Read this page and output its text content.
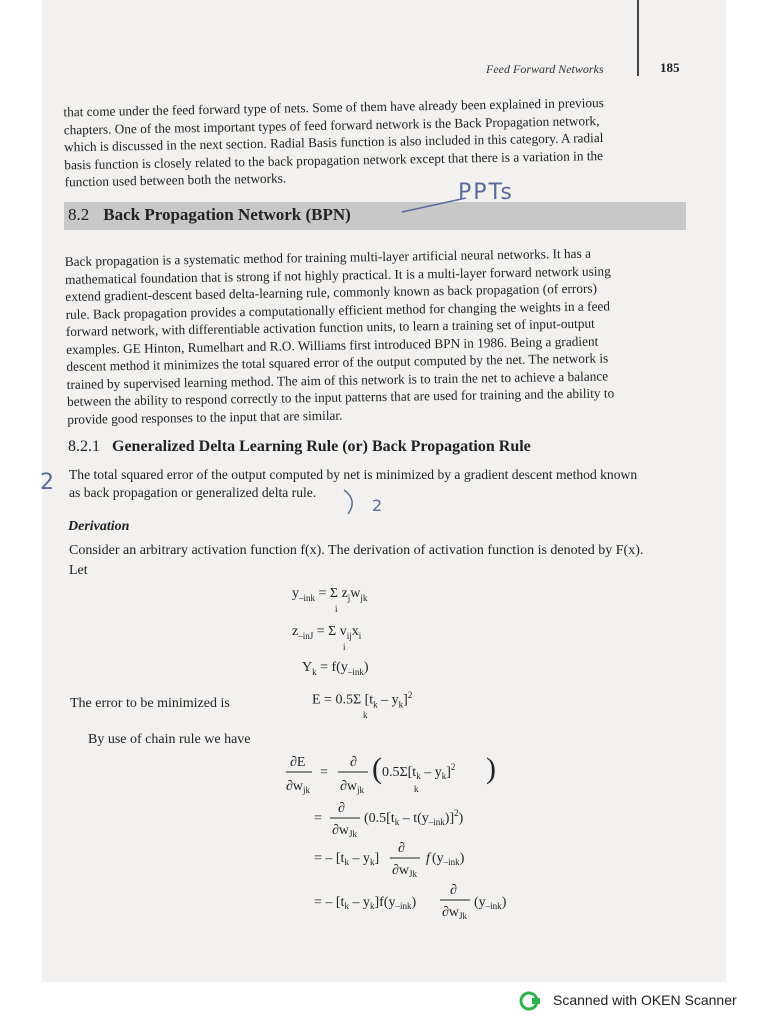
Feed Forward Networks	185
that come under the feed forward type of nets. Some of them have already been explained in previous
chapters. One of the most important types of feed forward network is the Back Propagation network,
which is discussed in the next section. Radial Basis function is also included in this category. A radial
basis function is closely related to the back propagation network except that there is a variation in the
function used between both the networks.
8.2 Back Propagation Network (BPN)
PPTs
Back propagation is a systematic method for training multi-layer artificial neural networks. It has a
mathematical foundation that is strong if not highly practical. It is a multi-layer forward network using
extend gradient-descent based delta-learning rule, commonly known as back propagation (of errors)
rule. Back propagation provides a computationally efficient method for changing the weights in a feed
forward network, with differentiable activation function units, to learn a training set of input-output
examples. GE Hinton, Rumelhart and R.O. Williams first introduced BPN in 1986. Being a gradient
descent method it minimizes the total squared error of the output computed by the net. The network is
trained by supervised learning method. The aim of this network is to train the net to achieve a balance
between the ability to respond correctly to the input patterns that are used for training and the ability to
provide good responses to the input that are similar.
8.2.1 Generalized Delta Learning Rule (or) Back Propagation Rule
2 The total squared error of the output computed by net is minimized by a gradient descent method known
as back propagation or generalized delta rule.
2
Derivation
Consider an arbitrary activation function f(x). The derivation of activation function is denoted by F(x).
Let
$y_{-ink} = \Sigma$ $z_jw_{jk}$
i
$z_{-inJ} = \Sigma$ $v_{ij}x_i$
i
$Y_k = f(y_{-ink})$
The error to be minimized is	E = 0.5Σ $[t_k - y_k]^2$
k
By use of chain rule we have
∂E
$\partial w_{jk}$
=
∂
$\partial w_{jk}$
( $0.5\Sigma[t_k - y_k]^2$ )
k
∂
$\partial w_{Jk}$
=	$(0.5[t_k - t(y_{-ink})]^2)$
= – $[t_k - y_k]$
∂
$\partial w_{Jk}$
f $(y_{-ink})$
= – $[t_k - y_k]f(y_{-ink})$
∂
$\partial w_{Jk}$
$(y_{-ink})$
Scanned with OKEN Scanner
